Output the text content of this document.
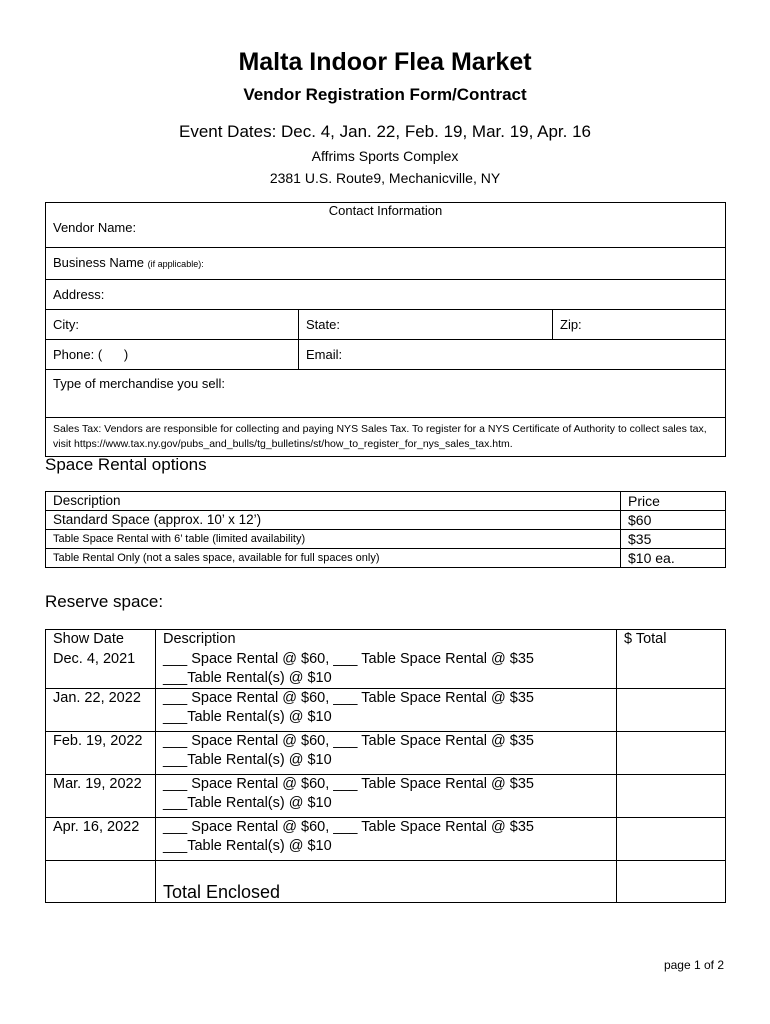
Malta Indoor Flea Market
Vendor Registration Form/Contract
Event Dates: Dec. 4, Jan. 22, Feb. 19, Mar. 19, Apr. 16
Affrims Sports Complex
2381 U.S. Route9, Mechanicville, NY
Contact Information		
Vendor Name:		
Business Name (if applicable):		
Address:		
City:	State:	Zip:
Phone: (      )	Email:	
Type of merchandise you sell:		
Sales Tax: Vendors are responsible for collecting and paying NYS Sales Tax. To register for a NYS Certificate of Authority to collect sales tax, visit https://www.tax.ny.gov/pubs_and_bulls/tg_bulletins/st/how_to_register_for_nys_sales_tax.htm.		
Space Rental options
Description	Price
Standard Space (approx. 10’ x 12’)	$60
Table Space Rental with 6’ table (limited availability)	$35
Table Rental Only (not a sales space, available for full spaces only)	$10 ea.
Reserve space:
Show Date	Description	$ Total
Dec. 4, 2021	___ Space Rental @ $60, ___ Table Space Rental @ $35
___Table Rental(s) @ $10	

Jan. 22, 2022	___ Space Rental @ $60, ___ Table Space Rental @ $35
___Table Rental(s) @ $10	

Feb. 19, 2022	___ Space Rental @ $60, ___ Table Space Rental @ $35
___Table Rental(s) @ $10	

Mar. 19, 2022	___ Space Rental @ $60, ___ Table Space Rental @ $35
___Table Rental(s) @ $10	

Apr. 16, 2022	___ Space Rental @ $60, ___ Table Space Rental @ $35
___Table Rental(s) @ $10	

	Total Enclosed	
page 1 of 2
